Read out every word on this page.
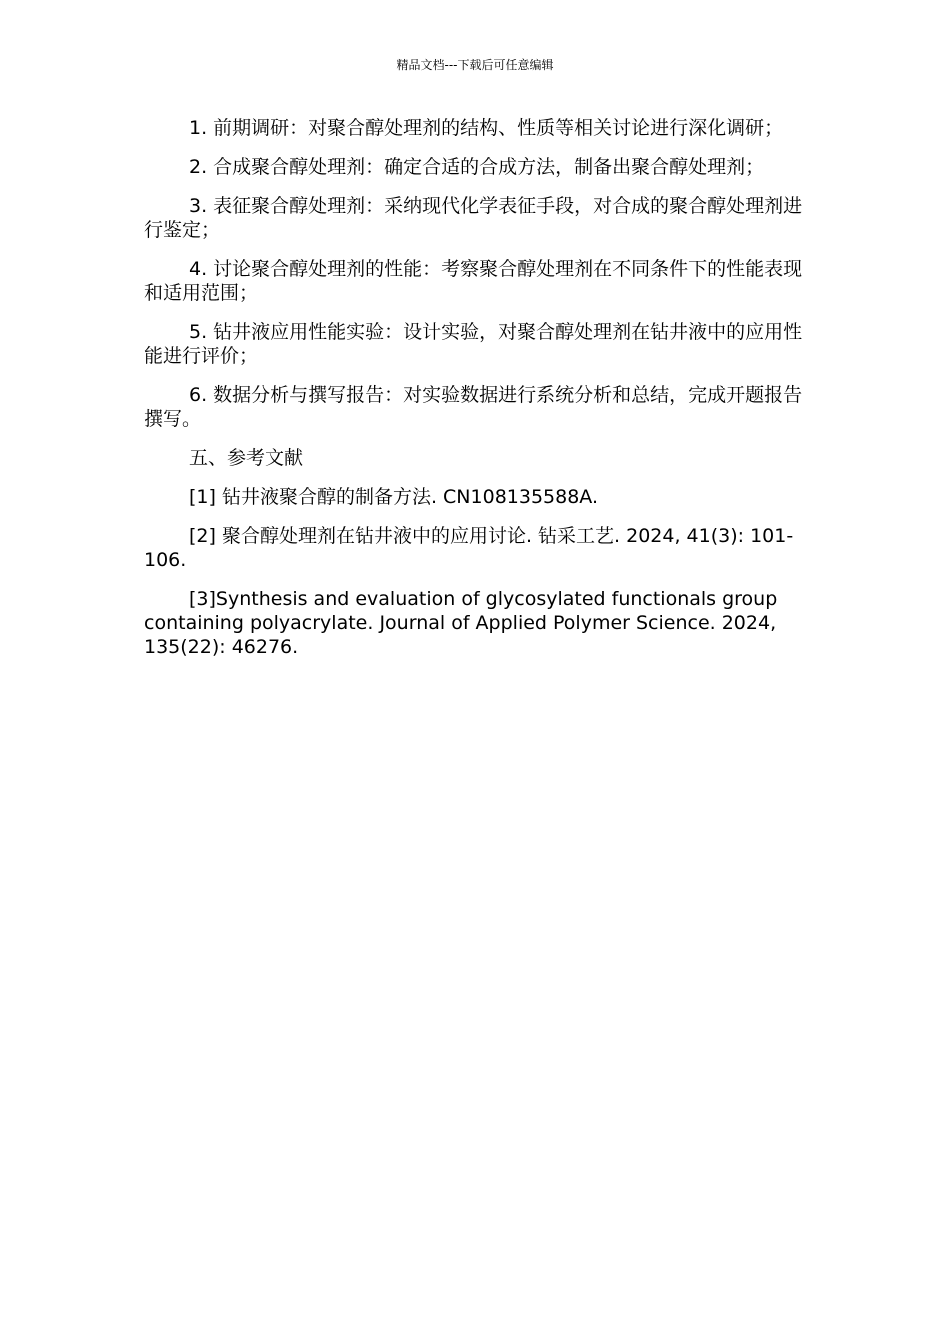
精品文档---下载后可任意编辑

1. 前期调研：对聚合醇处理剂的结构、性质等相关讨论进行深化调研；

2. 合成聚合醇处理剂：确定合适的合成方法，制备出聚合醇处理剂；

3. 表征聚合醇处理剂：采纳现代化学表征手段，对合成的聚合醇处理剂进行鉴定；

4. 讨论聚合醇处理剂的性能：考察聚合醇处理剂在不同条件下的性能表现和适用范围；

5. 钻井液应用性能实验：设计实验，对聚合醇处理剂在钻井液中的应用性能进行评价；

6. 数据分析与撰写报告：对实验数据进行系统分析和总结，完成开题报告撰写。

五、参考文献

[1] 钻井液聚合醇的制备方法. CN108135588A.

[2] 聚合醇处理剂在钻井液中的应用讨论. 钻采工艺. 2024, 41(3): 101-106.

[3]Synthesis and evaluation of glycosylated functionals group containing polyacrylate. Journal of Applied Polymer Science. 2024, 135(22): 46276.
